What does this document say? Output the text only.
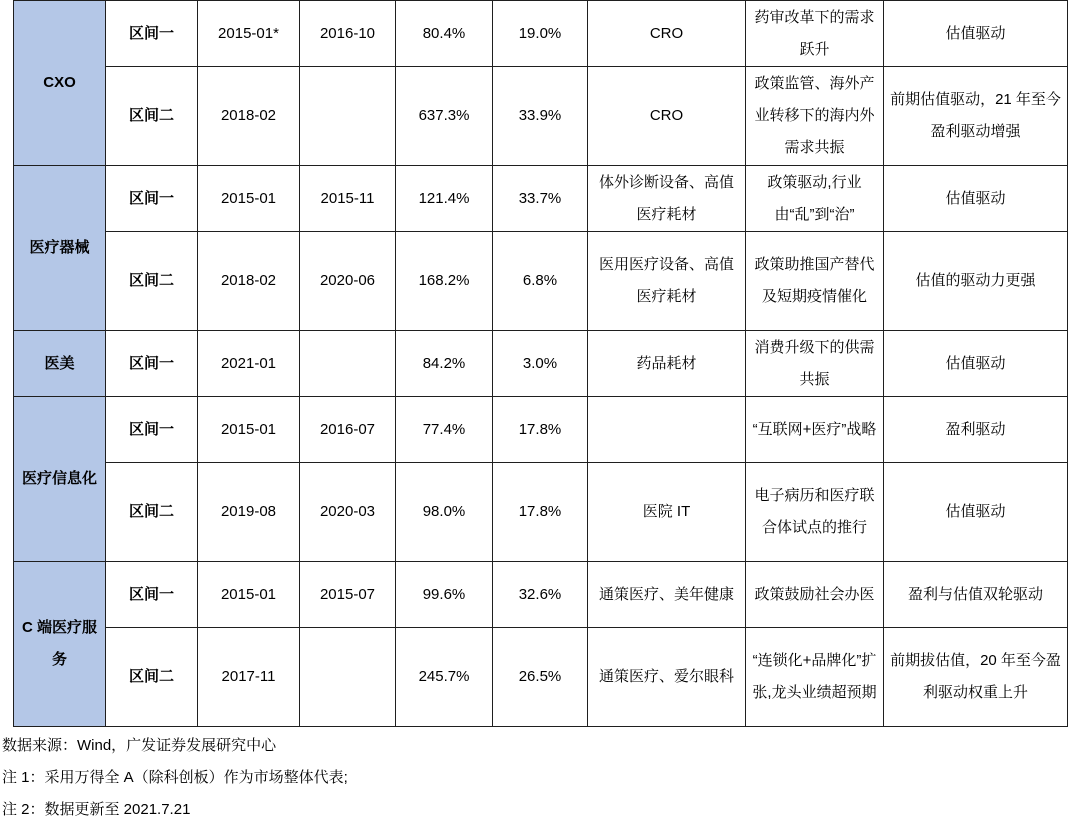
CXO	区间一	2015-01*	2016-10	80.4%	19.0%	CRO	药审改革下的需求跃升	估值驱动
	区间二	2018-02		637.3%	33.9%	CRO	政策监管、海外产业转移下的海内外需求共振	前期估值驱动，21 年至今盈利驱动增强
医疗器械	区间一	2015-01	2015-11	121.4%	33.7%	体外诊断设备、高值医疗耗材	政策驱动,行业由“乱”到“治”	估值驱动
	区间二	2018-02	2020-06	168.2%	6.8%	医用医疗设备、高值医疗耗材	政策助推国产替代及短期疫情催化	估值的驱动力更强
医美	区间一	2021-01		84.2%	3.0%	药品耗材	消费升级下的供需共振	估值驱动
医疗信息化	区间一	2015-01	2016-07	77.4%	17.8%		“互联网+医疗”战略	盈利驱动
	区间二	2019-08	2020-03	98.0%	17.8%	医院 IT	电子病历和医疗联合体试点的推行	估值驱动
C 端医疗服务	区间一	2015-01	2015-07	99.6%	32.6%	通策医疗、美年健康	政策鼓励社会办医	盈利与估值双轮驱动
	区间二	2017-11		245.7%	26.5%	通策医疗、爱尔眼科	“连锁化+品牌化”扩张,龙头业绩超预期	前期拔估值，20 年至今盈利驱动权重上升
数据来源：Wind，广发证券发展研究中心
注 1：采用万得全 A（除科创板）作为市场整体代表;
注 2：数据更新至 2021.7.21
